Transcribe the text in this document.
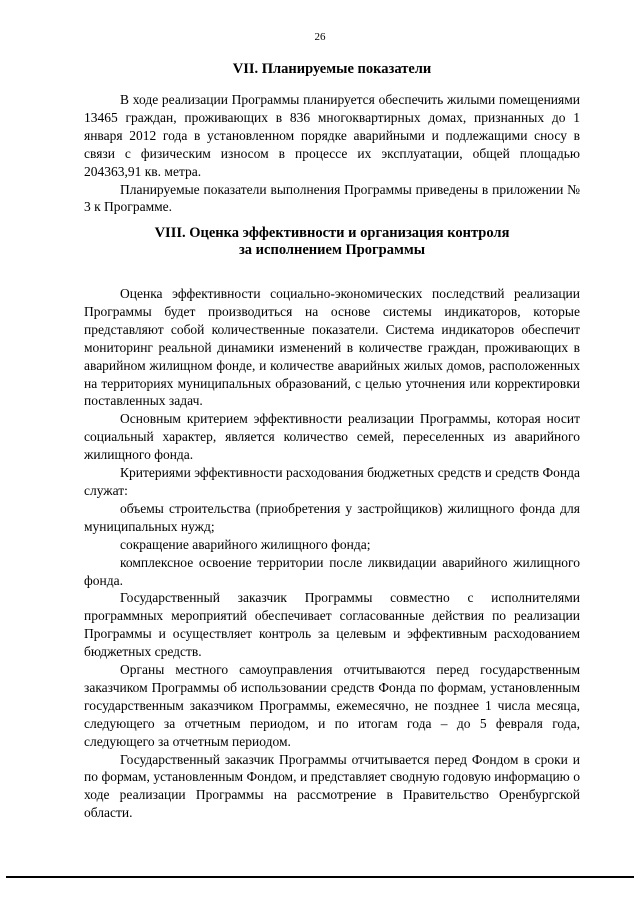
26
VII. Планируемые показатели

В ходе реализации Программы планируется обеспечить жилыми помещениями 13465 граждан, проживающих в 836 многоквартирных домах, признанных до 1 января 2012 года в установленном порядке аварийными и подлежащими сносу в связи с физическим износом в процессе их эксплуатации, общей площадью 204363,91 кв. метра.

Планируемые показатели выполнения Программы приведены в приложении № 3 к Программе.

VIII. Оценка эффективности и организация контроля
за исполнением Программы

Оценка эффективности социально-экономических последствий реализации Программы будет производиться на основе системы индикаторов, которые представляют собой количественные показатели. Система индикаторов обеспечит мониторинг реальной динамики изменений в количестве граждан, проживающих в аварийном жилищном фонде, и количестве аварийных жилых домов, расположенных на территориях муниципальных образований, с целью уточнения или корректировки поставленных задач.

Основным критерием эффективности реализации Программы, которая носит социальный характер, является количество семей, переселенных из аварийного жилищного фонда.

Критериями эффективности расходования бюджетных средств и средств Фонда служат:

объемы строительства (приобретения у застройщиков) жилищного фонда для муниципальных нужд;

сокращение аварийного жилищного фонда;

комплексное освоение территории после ликвидации аварийного жилищного фонда.

Государственный заказчик Программы совместно с исполнителями программных мероприятий обеспечивает согласованные действия по реализации Программы и осуществляет контроль за целевым и эффективным расходованием бюджетных средств.

Органы местного самоуправления отчитываются перед государственным заказчиком Программы об использовании средств Фонда по формам, установленным государственным заказчиком Программы, ежемесячно, не позднее 1 числа месяца, следующего за отчетным периодом, и по итогам года – до 5 февраля года, следующего за отчетным периодом.

Государственный заказчик Программы отчитывается перед Фондом в сроки и по формам, установленным Фондом, и представляет сводную годовую информацию о ходе реализации Программы на рассмотрение в Правительство Оренбургской области.
